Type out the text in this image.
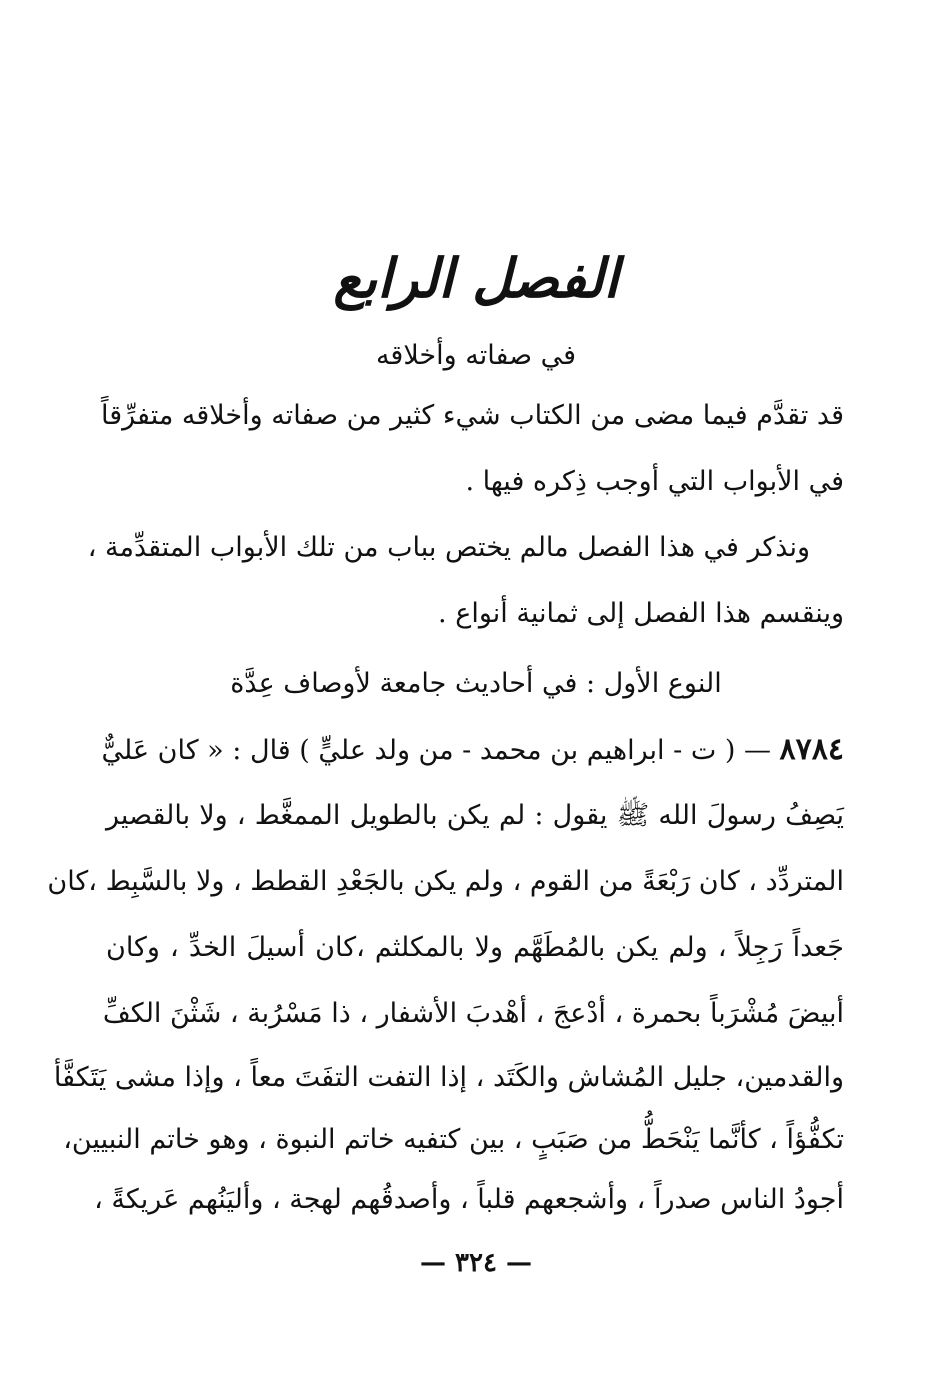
الفصل الرابع
في صفاته وأخلاقه
قد تقدَّم فيما مضى من الكتاب شيء كثير من صفاته وأخلاقه متفرِّقاً
في الأبواب التي أوجب ذِكره فيها .
ونذكر في هذا الفصل مالم يختص بباب من تلك الأبواب المتقدِّمة ،
وينقسم هذا الفصل إلى ثمانية أنواع .
النوع الأول : في أحاديث جامعة لأوصاف عِدَّة
٨٧٨٤ — ( ت - ابراهيم بن محمد - من ولد عليٍّ ) قال : « كان عَليٌّ
يَصِفُ رسولَ الله ﷺ يقول : لم يكن بالطويل الممغَّط ، ولا بالقصير
المتردِّد ، كان رَبْعَةً من القوم ، ولم يكن بالجَعْدِ القطط ، ولا بالسَّبِط ،كان
جَعداً رَجِلاً ، ولم يكن بالمُطَهَّم ولا بالمكلثم ،كان أسيلَ الخدِّ ، وكان
أبيضَ مُشْرَباً بحمرة ، أدْعجَ ، أهْدبَ الأشفار ، ذا مَسْرُبة ، شَثْنَ الكفِّ
والقدمين، جليل المُشاش والكَتَد ، إذا التفت التفَتَ معاً ، وإذا مشى يَتَكفَّأ
تكفُّؤاً ، كأنَّما يَنْحَطُّ من صَبَبٍ ، بين كتفيه خاتم النبوة ، وهو خاتم النبيين،
أجودُ الناس صدراً ، وأشجعهم قلباً ، وأصدقُهم لهجة ، وأليَنُهم عَريكةً ،
— ٣٢٤ —
